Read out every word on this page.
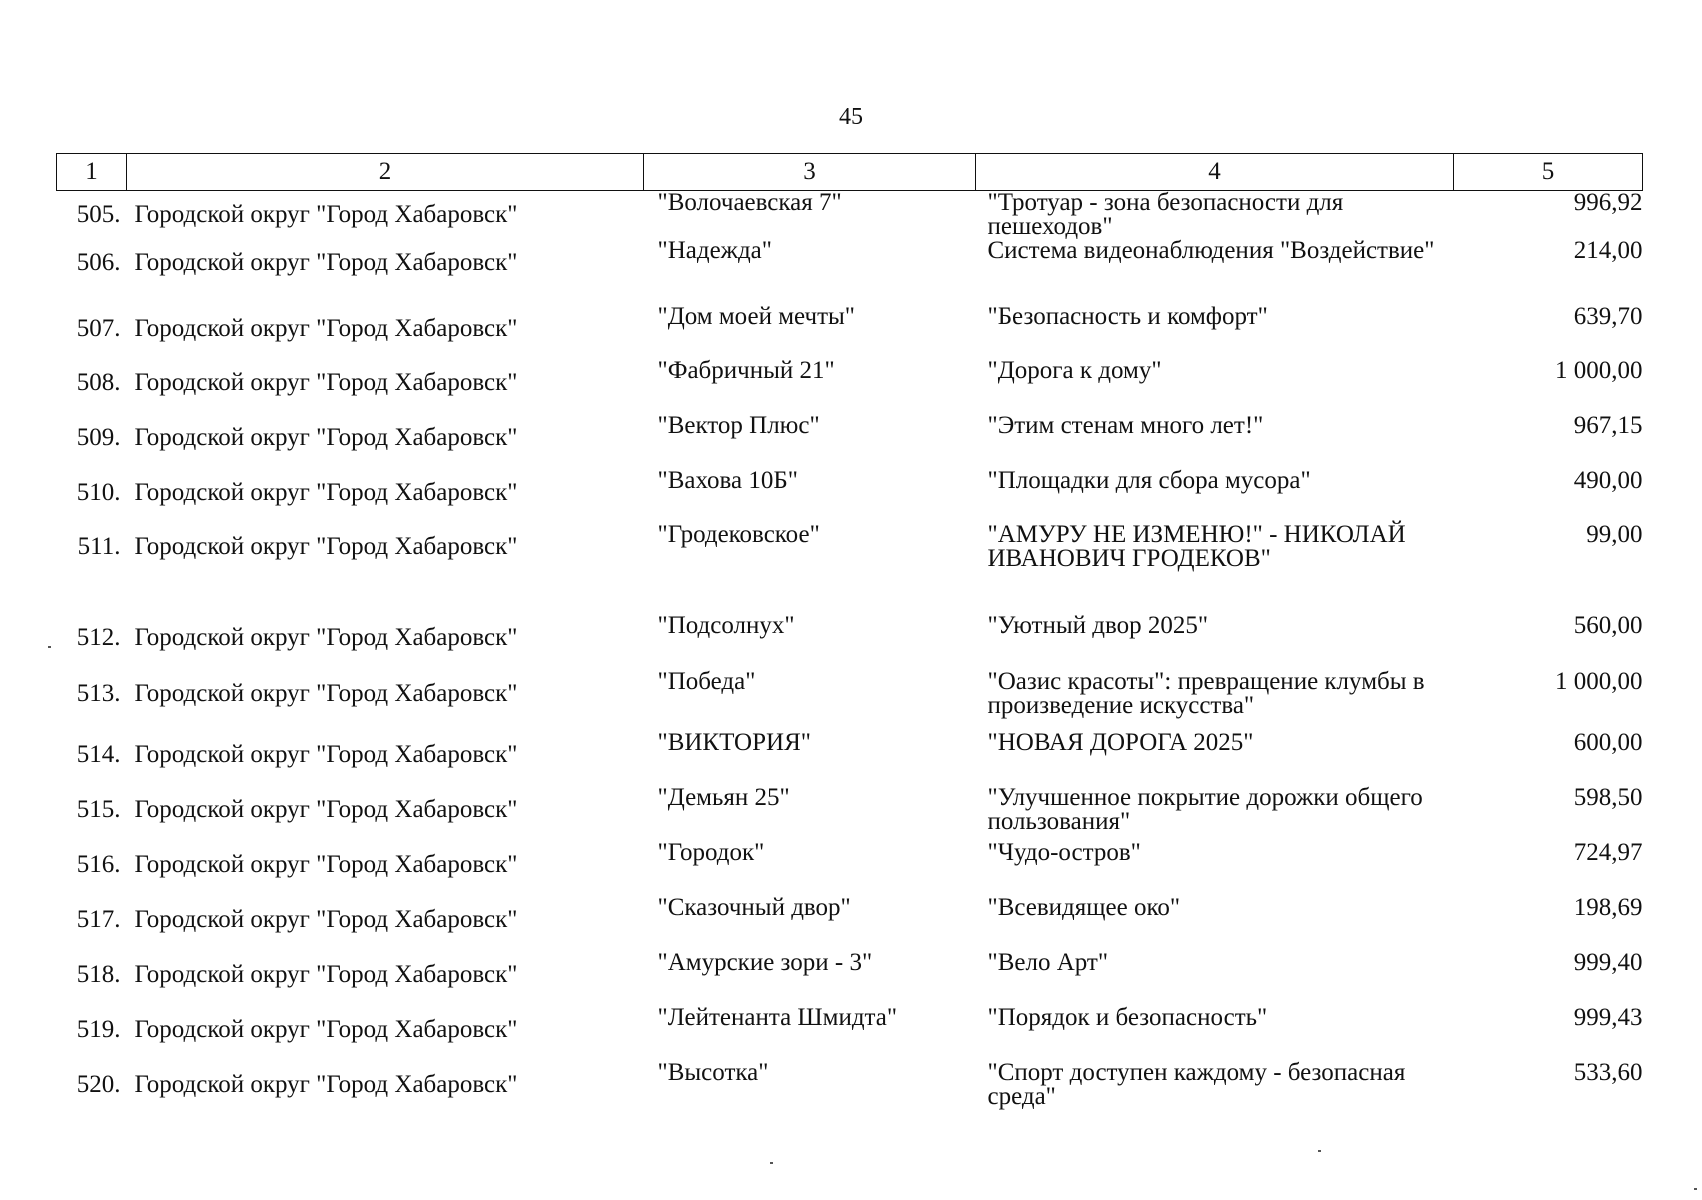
45
1	2	3	4	5
505.	Городской округ "Город Хабаровск"	"Волочаевская 7"	"Тротуар - зона безопасности для пешеходов"	996,92
506.	Городской округ "Город Хабаровск"	"Надежда"	Система видеонаблюдения "Воздействие"	214,00
507.	Городской округ "Город Хабаровск"	"Дом моей мечты"	"Безопасность и комфорт"	639,70
508.	Городской округ "Город Хабаровск"	"Фабричный 21"	"Дорога к дому"	1 000,00
509.	Городской округ "Город Хабаровск"	"Вектор Плюс"	"Этим стенам много лет!"	967,15
510.	Городской округ "Город Хабаровск"	"Вахова 10Б"	"Площадки для сбора мусора"	490,00
511.	Городской округ "Город Хабаровск"	"Гродековское"	"АМУРУ НЕ ИЗМЕНЮ!" - НИКОЛАЙ ИВАНОВИЧ ГРОДЕКОВ"	99,00
512.	Городской округ "Город Хабаровск"	"Подсолнух"	"Уютный двор 2025"	560,00
513.	Городской округ "Город Хабаровск"	"Победа"	"Оазис красоты": превращение клумбы в произведение искусства"	1 000,00
514.	Городской округ "Город Хабаровск"	"ВИКТОРИЯ"	"НОВАЯ ДОРОГА 2025"	600,00
515.	Городской округ "Город Хабаровск"	"Демьян 25"	"Улучшенное покрытие дорожки общего пользования"	598,50
516.	Городской округ "Город Хабаровск"	"Городок"	"Чудо-остров"	724,97
517.	Городской округ "Город Хабаровск"	"Сказочный двор"	"Всевидящее око"	198,69
518.	Городской округ "Город Хабаровск"	"Амурские зори - 3"	"Вело Арт"	999,40
519.	Городской округ "Город Хабаровск"	"Лейтенанта Шмидта"	"Порядок и безопасность"	999,43
520.	Городской округ "Город Хабаровск"	"Высотка"	"Спорт доступен каждому - безопасная среда"	533,60
